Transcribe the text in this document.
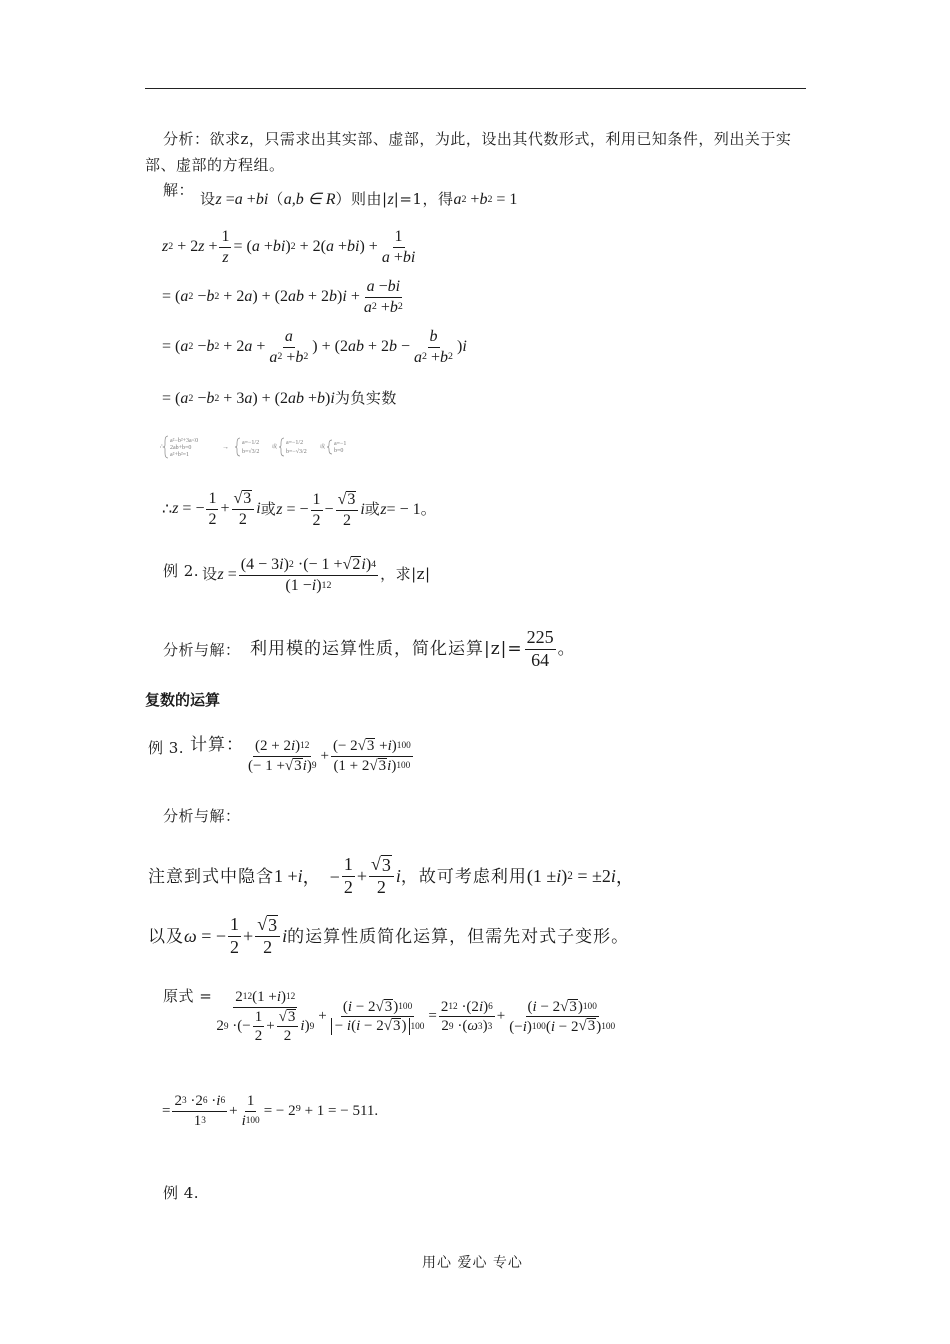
分析：欲求z，只需求出其实部、虚部，为此，设出其代数形式，利用已知条件，列出关于实
部、虚部的方程组。
解： 设 z = a + bi （a,b ∈ R）则由|z|=1，得 a 2 + b 2 = 1
z 2 + 2 $z + \frac{1}{z}$ = ( a + bi ) 2 + 2( a + bi ) + $\frac{1}{a + bi}$
= ( a 2 − b 2 + 2 a ) + (2 ab + 2 b ) $i + \frac{a - bi}{a 2 + b 2}$
= ( a 2 − b 2 + 2 $a + \frac{a}{a 2 + b 2}$ ) + (2 ab + 2 $b - \frac{b}{a 2 + b 2}$ ) i
= ( a 2 − b 2 + 3 a ) + (2 ab + b ) i 为负实数
∴
a²−b²+3a<0
2ab+b=0
a²+b²=1
→ a=−1/2
b=√3/2
或
a=−1/2
b=−√3/2
或 a=−1
b=0
∴ z = − $\frac{1}{2} + \frac{√ 3}{2}$ i 或 z = − $\frac{1}{2} - \frac{√ 3}{2}$ i 或z= − 1。
例 2. 设 $z = \frac{(4 - 3 i ) 2 \cdot(- 1 + √ 2 i ) 4}{(1 - i ) 12}$ ，求|z|
分析与解： 利用模的运算性质，简化运算$|z|= \frac{225}{64}$ 。
复数的运算
例 3. 计算： $\frac{(2 + 2 i ) 12}{(- 1 + √ 3 i ) 9} + \frac{(- 2 √ 3 + i ) 100}{(1 + 2 √ 3 i ) 100}$
分析与解：
注意到式中隐含1 + i ，  − $\frac{1}{2} + \frac{√ 3}{2}$ i ，故可考虑利用(1 ± i ) 2 = ±2 i ，
以及 ω = − $\frac{1}{2} + \frac{√ 3}{2}$ i 的运算性质简化运算，但需先对式子变形。
原式 = $\frac{2 12 (1 + i ) 12}{2 9 \cdot(- \frac{1}{2} + \frac{√ 3}{2} i ) 9} + \frac{( i - 2 √ 3 ) 100}{- i(i - 2 √ 3 ) 100} = \frac{2 12 \cdot(2 i ) 6}{2 9 \cdot( \omega 3 ) 3} + \frac{( i - 2 √ 3 ) 100}{(- i ) 100 ( i - 2 √ 3 ) 100}$
= $\frac{2 3 \cdot 2 6 \cdot i 6}{1 3} + \frac{1}{i 100}$ = − 2⁹ + 1 = − 511.
例 4.
用心 爱心 专心
